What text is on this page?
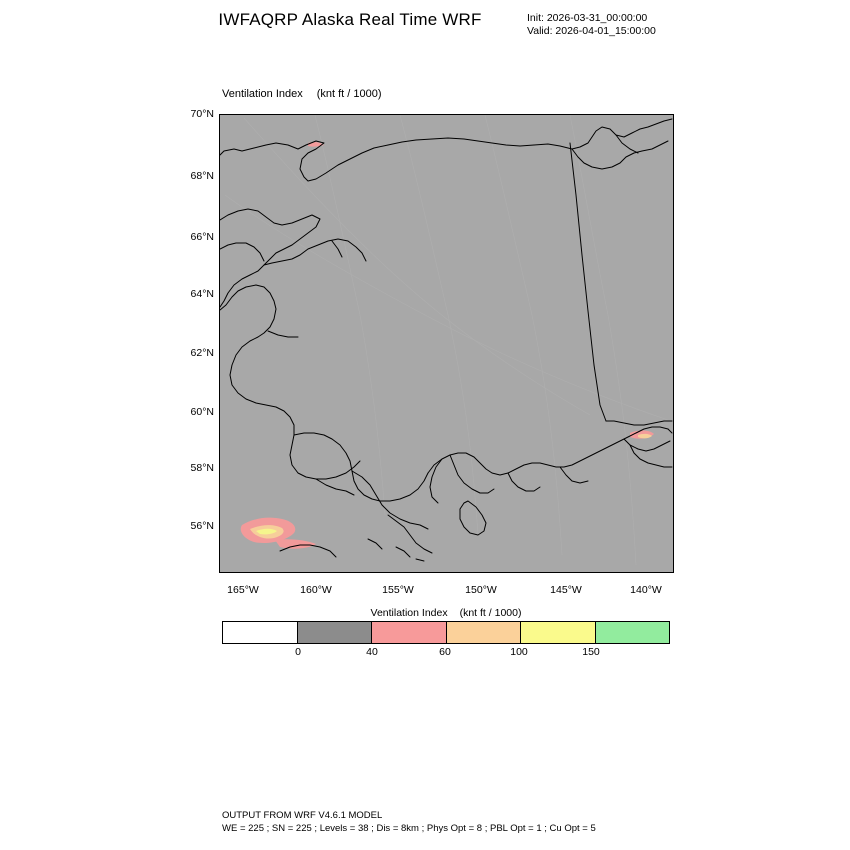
IWFAQRP Alaska Real Time WRF	Init: 2026-03-31_00:00:00
Valid: 2026-04-01_15:00:00
Ventilation Index (knt ft / 1000)
70°N
68°N
66°N
64°N
62°N
60°N
58°N
56°N
165°W	160°W	155°W	150°W	145°W	140°W
Ventilation Index (knt ft / 1000)
0	40	60	100	150
OUTPUT FROM WRF V4.6.1 MODEL
WE = 225 ; SN = 225 ; Levels = 38 ; Dis = 8km ; Phys Opt = 8 ; PBL Opt = 1 ; Cu Opt = 5
